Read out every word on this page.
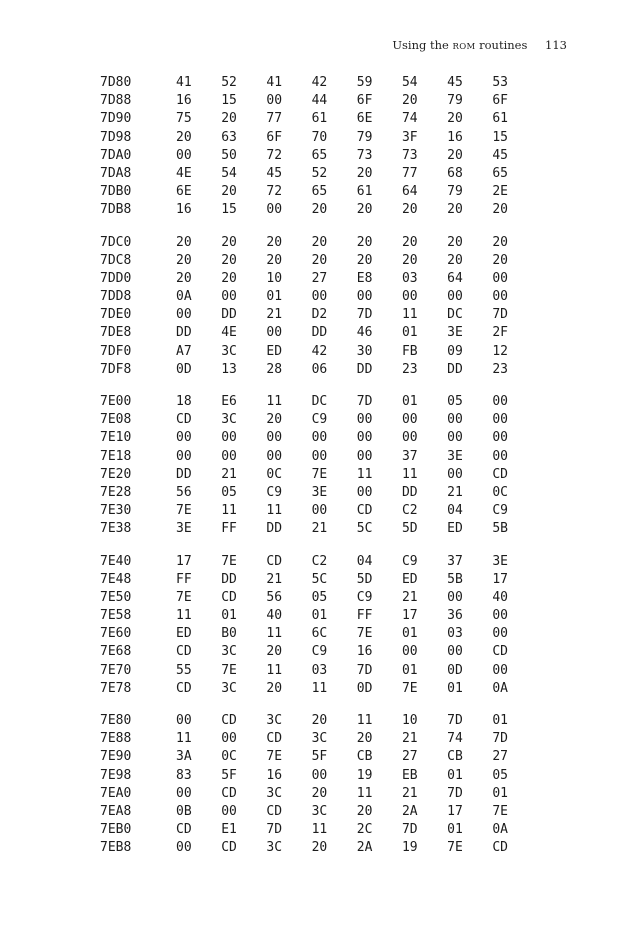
Using the ROM routines 113
7D80	41	52	41	42	59	54	45	53
7D88	16	15	00	44	6F	20	79	6F
7D90	75	20	77	61	6E	74	20	61
7D98	20	63	6F	70	79	3F	16	15
7DA0	00	50	72	65	73	73	20	45
7DA8	4E	54	45	52	20	77	68	65
7DB0	6E	20	72	65	61	64	79	2E
7DB8	16	15	00	20	20	20	20	20
7DC0	20	20	20	20	20	20	20	20
7DC8	20	20	20	20	20	20	20	20
7DD0	20	20	10	27	E8	03	64	00
7DD8	0A	00	01	00	00	00	00	00
7DE0	00	DD	21	D2	7D	11	DC	7D
7DE8	DD	4E	00	DD	46	01	3E	2F
7DF0	A7	3C	ED	42	30	FB	09	12
7DF8	0D	13	28	06	DD	23	DD	23
7E00	18	E6	11	DC	7D	01	05	00
7E08	CD	3C	20	C9	00	00	00	00
7E10	00	00	00	00	00	00	00	00
7E18	00	00	00	00	00	37	3E	00
7E20	DD	21	0C	7E	11	11	00	CD
7E28	56	05	C9	3E	00	DD	21	0C
7E30	7E	11	11	00	CD	C2	04	C9
7E38	3E	FF	DD	21	5C	5D	ED	5B
7E40	17	7E	CD	C2	04	C9	37	3E
7E48	FF	DD	21	5C	5D	ED	5B	17
7E50	7E	CD	56	05	C9	21	00	40
7E58	11	01	40	01	FF	17	36	00
7E60	ED	B0	11	6C	7E	01	03	00
7E68	CD	3C	20	C9	16	00	00	CD
7E70	55	7E	11	03	7D	01	0D	00
7E78	CD	3C	20	11	0D	7E	01	0A
7E80	00	CD	3C	20	11	10	7D	01
7E88	11	00	CD	3C	20	21	74	7D
7E90	3A	0C	7E	5F	CB	27	CB	27
7E98	83	5F	16	00	19	EB	01	05
7EA0	00	CD	3C	20	11	21	7D	01
7EA8	0B	00	CD	3C	20	2A	17	7E
7EB0	CD	E1	7D	11	2C	7D	01	0A
7EB8	00	CD	3C	20	2A	19	7E	CD
